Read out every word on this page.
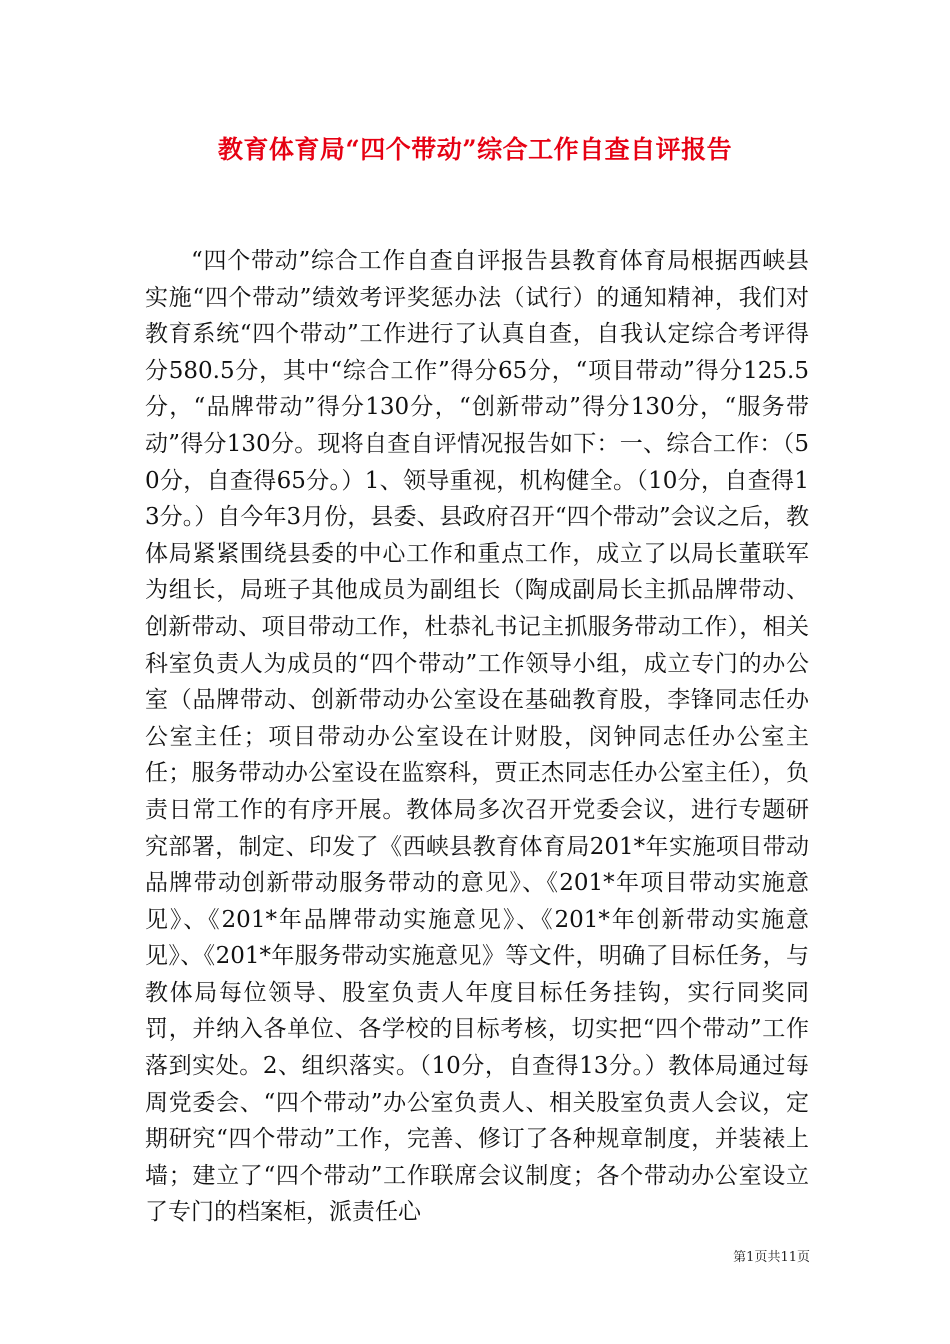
教育体育局“四个带动”综合工作自查自评报告

“四个带动”综合工作自查自评报告县教育体育局根据西峡县实施“四个带动”绩效考评奖惩办法（试行）的通知精神，我们对教育系统“四个带动”工作进行了认真自查，自我认定综合考评得分580.5分，其中“综合工作”得分65分，“项目带动”得分125.5分，“品牌带动”得分130分，“创新带动”得分130分，“服务带动”得分130分。现将自查自评情况报告如下：一、综合工作：（50分，自查得65分。）1、领导重视，机构健全。（10分，自查得13分。）自今年3月份，县委、县政府召开“四个带动”会议之后，教体局紧紧围绕县委的中心工作和重点工作，成立了以局长董联军为组长，局班子其他成员为副组长（陶成副局长主抓品牌带动、创新带动、项目带动工作，杜恭礼书记主抓服务带动工作），相关科室负责人为成员的“四个带动”工作领导小组，成立专门的办公室（品牌带动、创新带动办公室设在基础教育股，李锋同志任办公室主任；项目带动办公室设在计财股，闵钟同志任办公室主任；服务带动办公室设在监察科，贾正杰同志任办公室主任），负责日常工作的有序开展。教体局多次召开党委会议，进行专题研究部署，制定、印发了《西峡县教育体育局201*年实施项目带动品牌带动创新带动服务带动的意见》、《201*年项目带动实施意见》、《201*年品牌带动实施意见》、《201*年创新带动实施意见》、《201*年服务带动实施意见》等文件，明确了目标任务，与教体局每位领导、股室负责人年度目标任务挂钩，实行同奖同罚，并纳入各单位、各学校的目标考核，切实把“四个带动”工作落到实处。2、组织落实。（10分，自查得13分。）教体局通过每周党委会、“四个带动”办公室负责人、相关股室负责人会议，定期研究“四个带动”工作，完善、修订了各种规章制度，并装裱上墙；建立了“四个带动”工作联席会议制度；各个带动办公室设立了专门的档案柜，派责任心

第1页共11页
